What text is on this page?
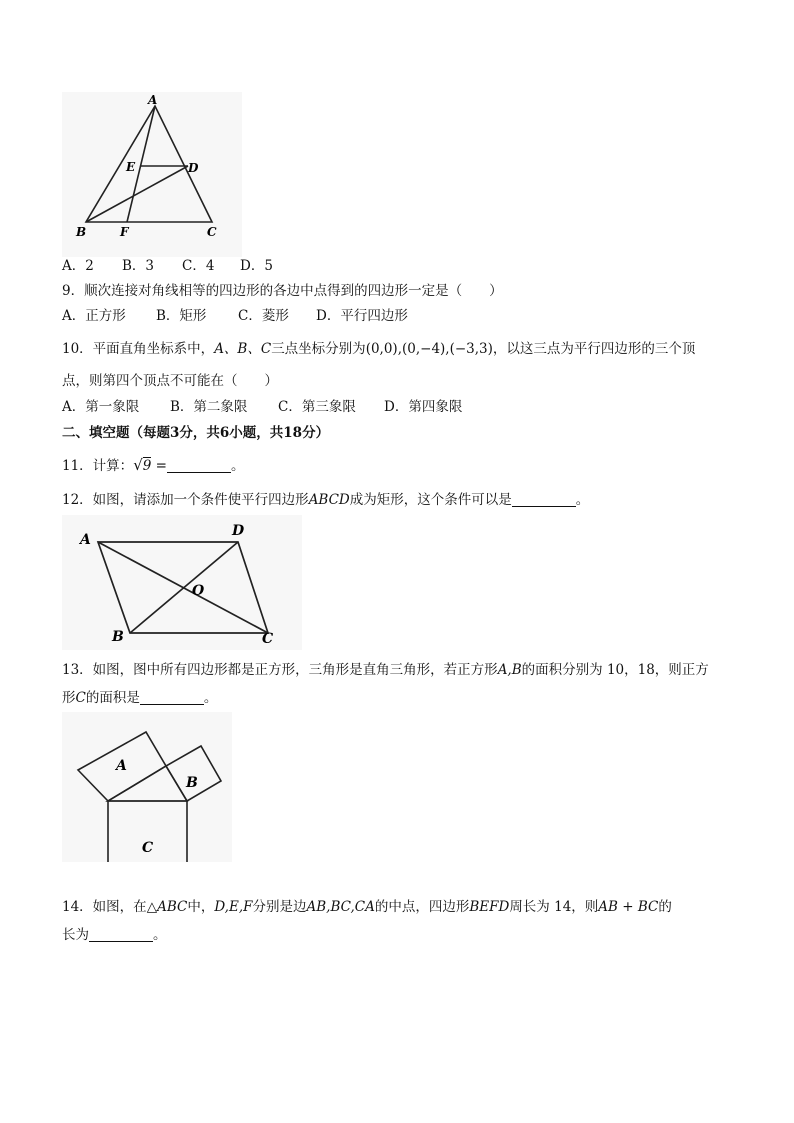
A
E	D
B	F	C
A．2 B．3 C．4 D．5
9．顺次连接对角线相等的四边形的各边中点得到的四边形一定是（　　）
A．正方形 B．矩形 C．菱形 D．平行四边形
10．平面直角坐标系中，A、B、C三点坐标分别为(0,0),(0,−4),(−3,3)，以这三点为平行四边形的三个顶
点，则第四个顶点不可能在（　　）
A．第一象限 B．第二象限 C．第三象限 D．第四象限
二、填空题（每题3分，共6小题，共18分）
11．计算：√9 =	。
12．如图，请添加一个条件使平行四边形ABCD成为矩形，这个条件可以是	。
A
D
O
B	C
13．如图，图中所有四边形都是正方形，三角形是直角三角形，若正方形A,B的面积分别为 10，18，则正方
形C的面积是	。
A
B
C
14．如图，在△ABC中，D,E,F分别是边AB,BC,CA的中点，四边形BEFD周长为 14，则AB + BC的
长为	。
